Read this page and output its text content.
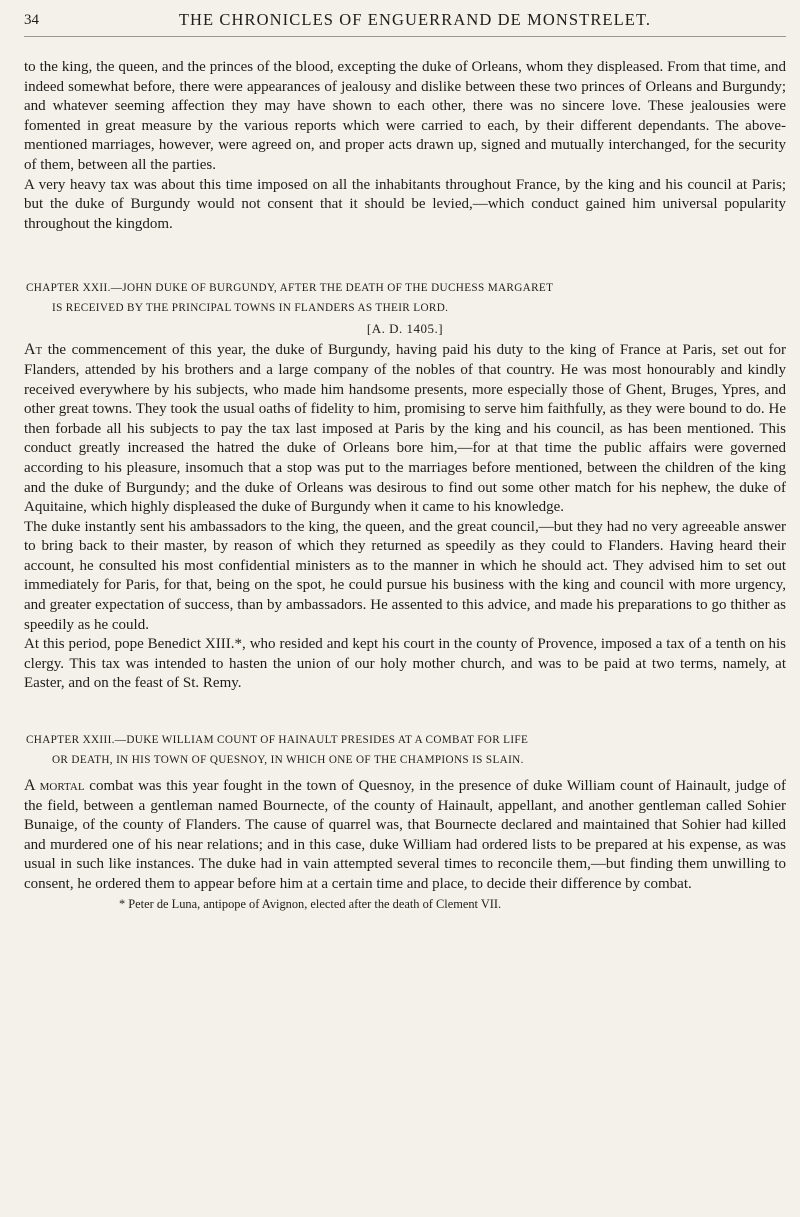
34	THE CHRONICLES OF ENGUERRAND DE MONSTRELET.

to the king, the queen, and the princes of the blood, excepting the duke of Orleans, whom they displeased. From that time, and indeed somewhat before, there were appearances of jealousy and dislike between these two princes of Orleans and Burgundy; and whatever seeming affection they may have shown to each other, there was no sincere love. These jealousies were fomented in great measure by the various reports which were carried to each, by their different dependants. The above-mentioned marriages, however, were agreed on, and proper acts drawn up, signed and mutually interchanged, for the security of them, between all the parties.

A very heavy tax was about this time imposed on all the inhabitants throughout France, by the king and his council at Paris; but the duke of Burgundy would not consent that it should be levied,—which conduct gained him universal popularity throughout the kingdom.

CHAPTER XXII.—JOHN DUKE OF BURGUNDY, AFTER THE DEATH OF THE DUCHESS MARGARET
IS RECEIVED BY THE PRINCIPAL TOWNS IN FLANDERS AS THEIR LORD.
[A. D. 1405.]

At the commencement of this year, the duke of Burgundy, having paid his duty to the king of France at Paris, set out for Flanders, attended by his brothers and a large company of the nobles of that country. He was most honourably and kindly received everywhere by his subjects, who made him handsome presents, more especially those of Ghent, Bruges, Ypres, and other great towns. They took the usual oaths of fidelity to him, promising to serve him faithfully, as they were bound to do. He then forbade all his subjects to pay the tax last imposed at Paris by the king and his council, as has been mentioned. This conduct greatly increased the hatred the duke of Orleans bore him,—for at that time the public affairs were governed according to his pleasure, insomuch that a stop was put to the marriages before mentioned, between the children of the king and the duke of Burgundy; and the duke of Orleans was desirous to find out some other match for his nephew, the duke of Aquitaine, which highly displeased the duke of Burgundy when it came to his knowledge.

The duke instantly sent his ambassadors to the king, the queen, and the great council,—but they had no very agreeable answer to bring back to their master, by reason of which they returned as speedily as they could to Flanders. Having heard their account, he consulted his most confidential ministers as to the manner in which he should act. They advised him to set out immediately for Paris, for that, being on the spot, he could pursue his business with the king and council with more urgency, and greater expectation of success, than by ambassadors. He assented to this advice, and made his preparations to go thither as speedily as he could.

At this period, pope Benedict XIII.*, who resided and kept his court in the county of Provence, imposed a tax of a tenth on his clergy. This tax was intended to hasten the union of our holy mother church, and was to be paid at two terms, namely, at Easter, and on the feast of St. Remy.

CHAPTER XXIII.—DUKE WILLIAM COUNT OF HAINAULT PRESIDES AT A COMBAT FOR LIFE
OR DEATH, IN HIS TOWN OF QUESNOY, IN WHICH ONE OF THE CHAMPIONS IS SLAIN.

A mortal combat was this year fought in the town of Quesnoy, in the presence of duke William count of Hainault, judge of the field, between a gentleman named Bournecte, of the county of Hainault, appellant, and another gentleman called Sohier Bunaige, of the county of Flanders. The cause of quarrel was, that Bournecte declared and maintained that Sohier had killed and murdered one of his near relations; and in this case, duke William had ordered lists to be prepared at his expense, as was usual in such like instances. The duke had in vain attempted several times to reconcile them,—but finding them unwilling to consent, he ordered them to appear before him at a certain time and place, to decide their difference by combat.

* Peter de Luna, antipope of Avignon, elected after the death of Clement VII.
